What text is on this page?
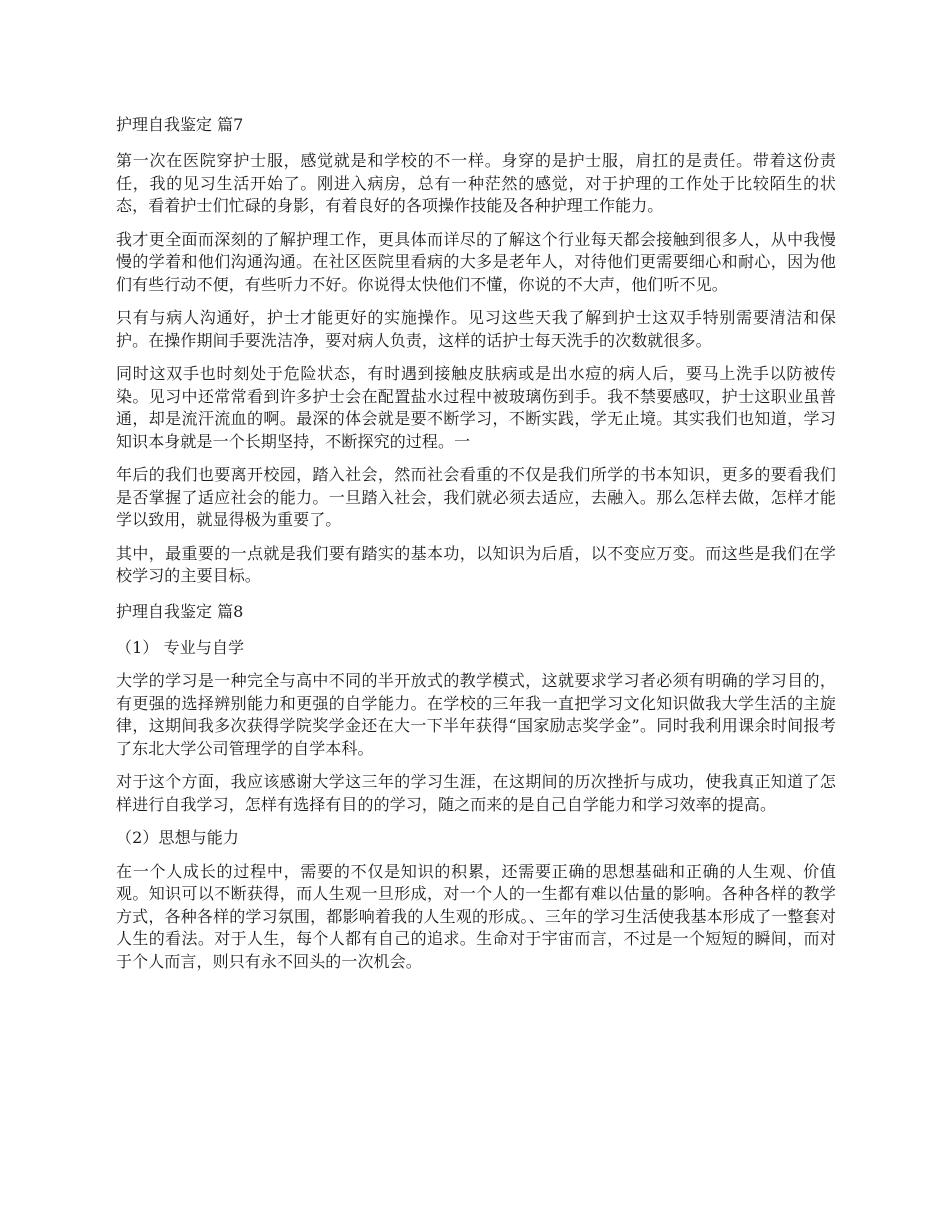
护理自我鉴定 篇7

第一次在医院穿护士服，感觉就是和学校的不一样。身穿的是护士服，肩扛的是责任。带着这份责任，我的见习生活开始了。刚进入病房，总有一种茫然的感觉，对于护理的工作处于比较陌生的状态，看着护士们忙碌的身影，有着良好的各项操作技能及各种护理工作能力。

我才更全面而深刻的了解护理工作，更具体而详尽的了解这个行业每天都会接触到很多人，从中我慢慢的学着和他们沟通沟通。在社区医院里看病的大多是老年人，对待他们更需要细心和耐心，因为他们有些行动不便，有些听力不好。你说得太快他们不懂，你说的不大声，他们听不见。

只有与病人沟通好，护士才能更好的实施操作。见习这些天我了解到护士这双手特别需要清洁和保护。在操作期间手要洗洁净，要对病人负责，这样的话护士每天洗手的次数就很多。

同时这双手也时刻处于危险状态，有时遇到接触皮肤病或是出水痘的病人后，要马上洗手以防被传染。见习中还常常看到许多护士会在配置盐水过程中被玻璃伤到手。我不禁要感叹，护士这职业虽普通，却是流汗流血的啊。最深的体会就是要不断学习，不断实践，学无止境。其实我们也知道，学习知识本身就是一个长期坚持，不断探究的过程。一

年后的我们也要离开校园，踏入社会，然而社会看重的不仅是我们所学的书本知识，更多的要看我们是否掌握了适应社会的能力。一旦踏入社会，我们就必须去适应，去融入。那么怎样去做，怎样才能学以致用，就显得极为重要了。

其中，最重要的一点就是我们要有踏实的基本功，以知识为后盾，以不变应万变。而这些是我们在学校学习的主要目标。

护理自我鉴定 篇8

（1） 专业与自学

大学的学习是一种完全与高中不同的半开放式的教学模式，这就要求学习者必须有明确的学习目的，有更强的选择辨别能力和更强的自学能力。在学校的三年我一直把学习文化知识做我大学生活的主旋律，这期间我多次获得学院奖学金还在大一下半年获得“国家励志奖学金”。同时我利用课余时间报考了东北大学公司管理学的自学本科。

对于这个方面，我应该感谢大学这三年的学习生涯，在这期间的历次挫折与成功，使我真正知道了怎样进行自我学习，怎样有选择有目的的学习，随之而来的是自己自学能力和学习效率的提高。

（2）思想与能力

在一个人成长的过程中，需要的不仅是知识的积累，还需要正确的思想基础和正确的人生观、价值观。知识可以不断获得，而人生观一旦形成，对一个人的一生都有难以估量的影响。各种各样的教学方式，各种各样的学习氛围，都影响着我的人生观的形成。、三年的学习生活使我基本形成了一整套对人生的看法。对于人生，每个人都有自己的追求。生命对于宇宙而言，不过是一个短短的瞬间，而对于个人而言，则只有永不回头的一次机会。
